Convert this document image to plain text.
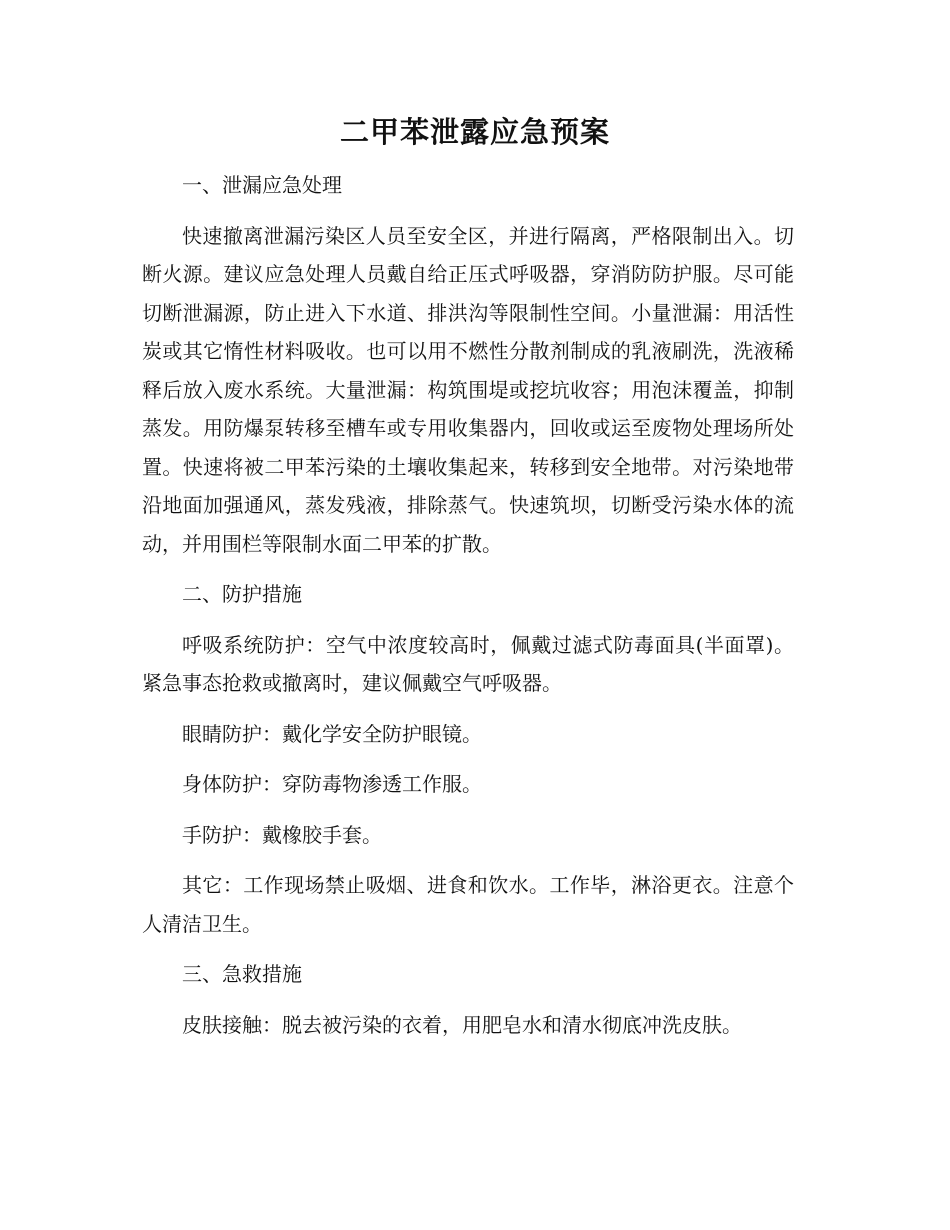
二甲苯泄露应急预案

一、泄漏应急处理

快速撤离泄漏污染区人员至安全区，并进行隔离，严格限制出入。切断火源。建议应急处理人员戴自给正压式呼吸器，穿消防防护服。尽可能切断泄漏源，防止进入下水道、排洪沟等限制性空间。小量泄漏：用活性炭或其它惰性材料吸收。也可以用不燃性分散剂制成的乳液刷洗，洗液稀释后放入废水系统。大量泄漏：构筑围堤或挖坑收容；用泡沫覆盖，抑制蒸发。用防爆泵转移至槽车或专用收集器内，回收或运至废物处理场所处置。快速将被二甲苯污染的土壤收集起来，转移到安全地带。对污染地带沿地面加强通风，蒸发残液，排除蒸气。快速筑坝，切断受污染水体的流动，并用围栏等限制水面二甲苯的扩散。

二、防护措施

呼吸系统防护：空气中浓度较高时，佩戴过滤式防毒面具(半面罩)。紧急事态抢救或撤离时，建议佩戴空气呼吸器。

眼睛防护：戴化学安全防护眼镜。

身体防护：穿防毒物渗透工作服。

手防护：戴橡胶手套。

其它：工作现场禁止吸烟、进食和饮水。工作毕，淋浴更衣。注意个人清洁卫生。

三、急救措施

皮肤接触：脱去被污染的衣着，用肥皂水和清水彻底冲洗皮肤。
